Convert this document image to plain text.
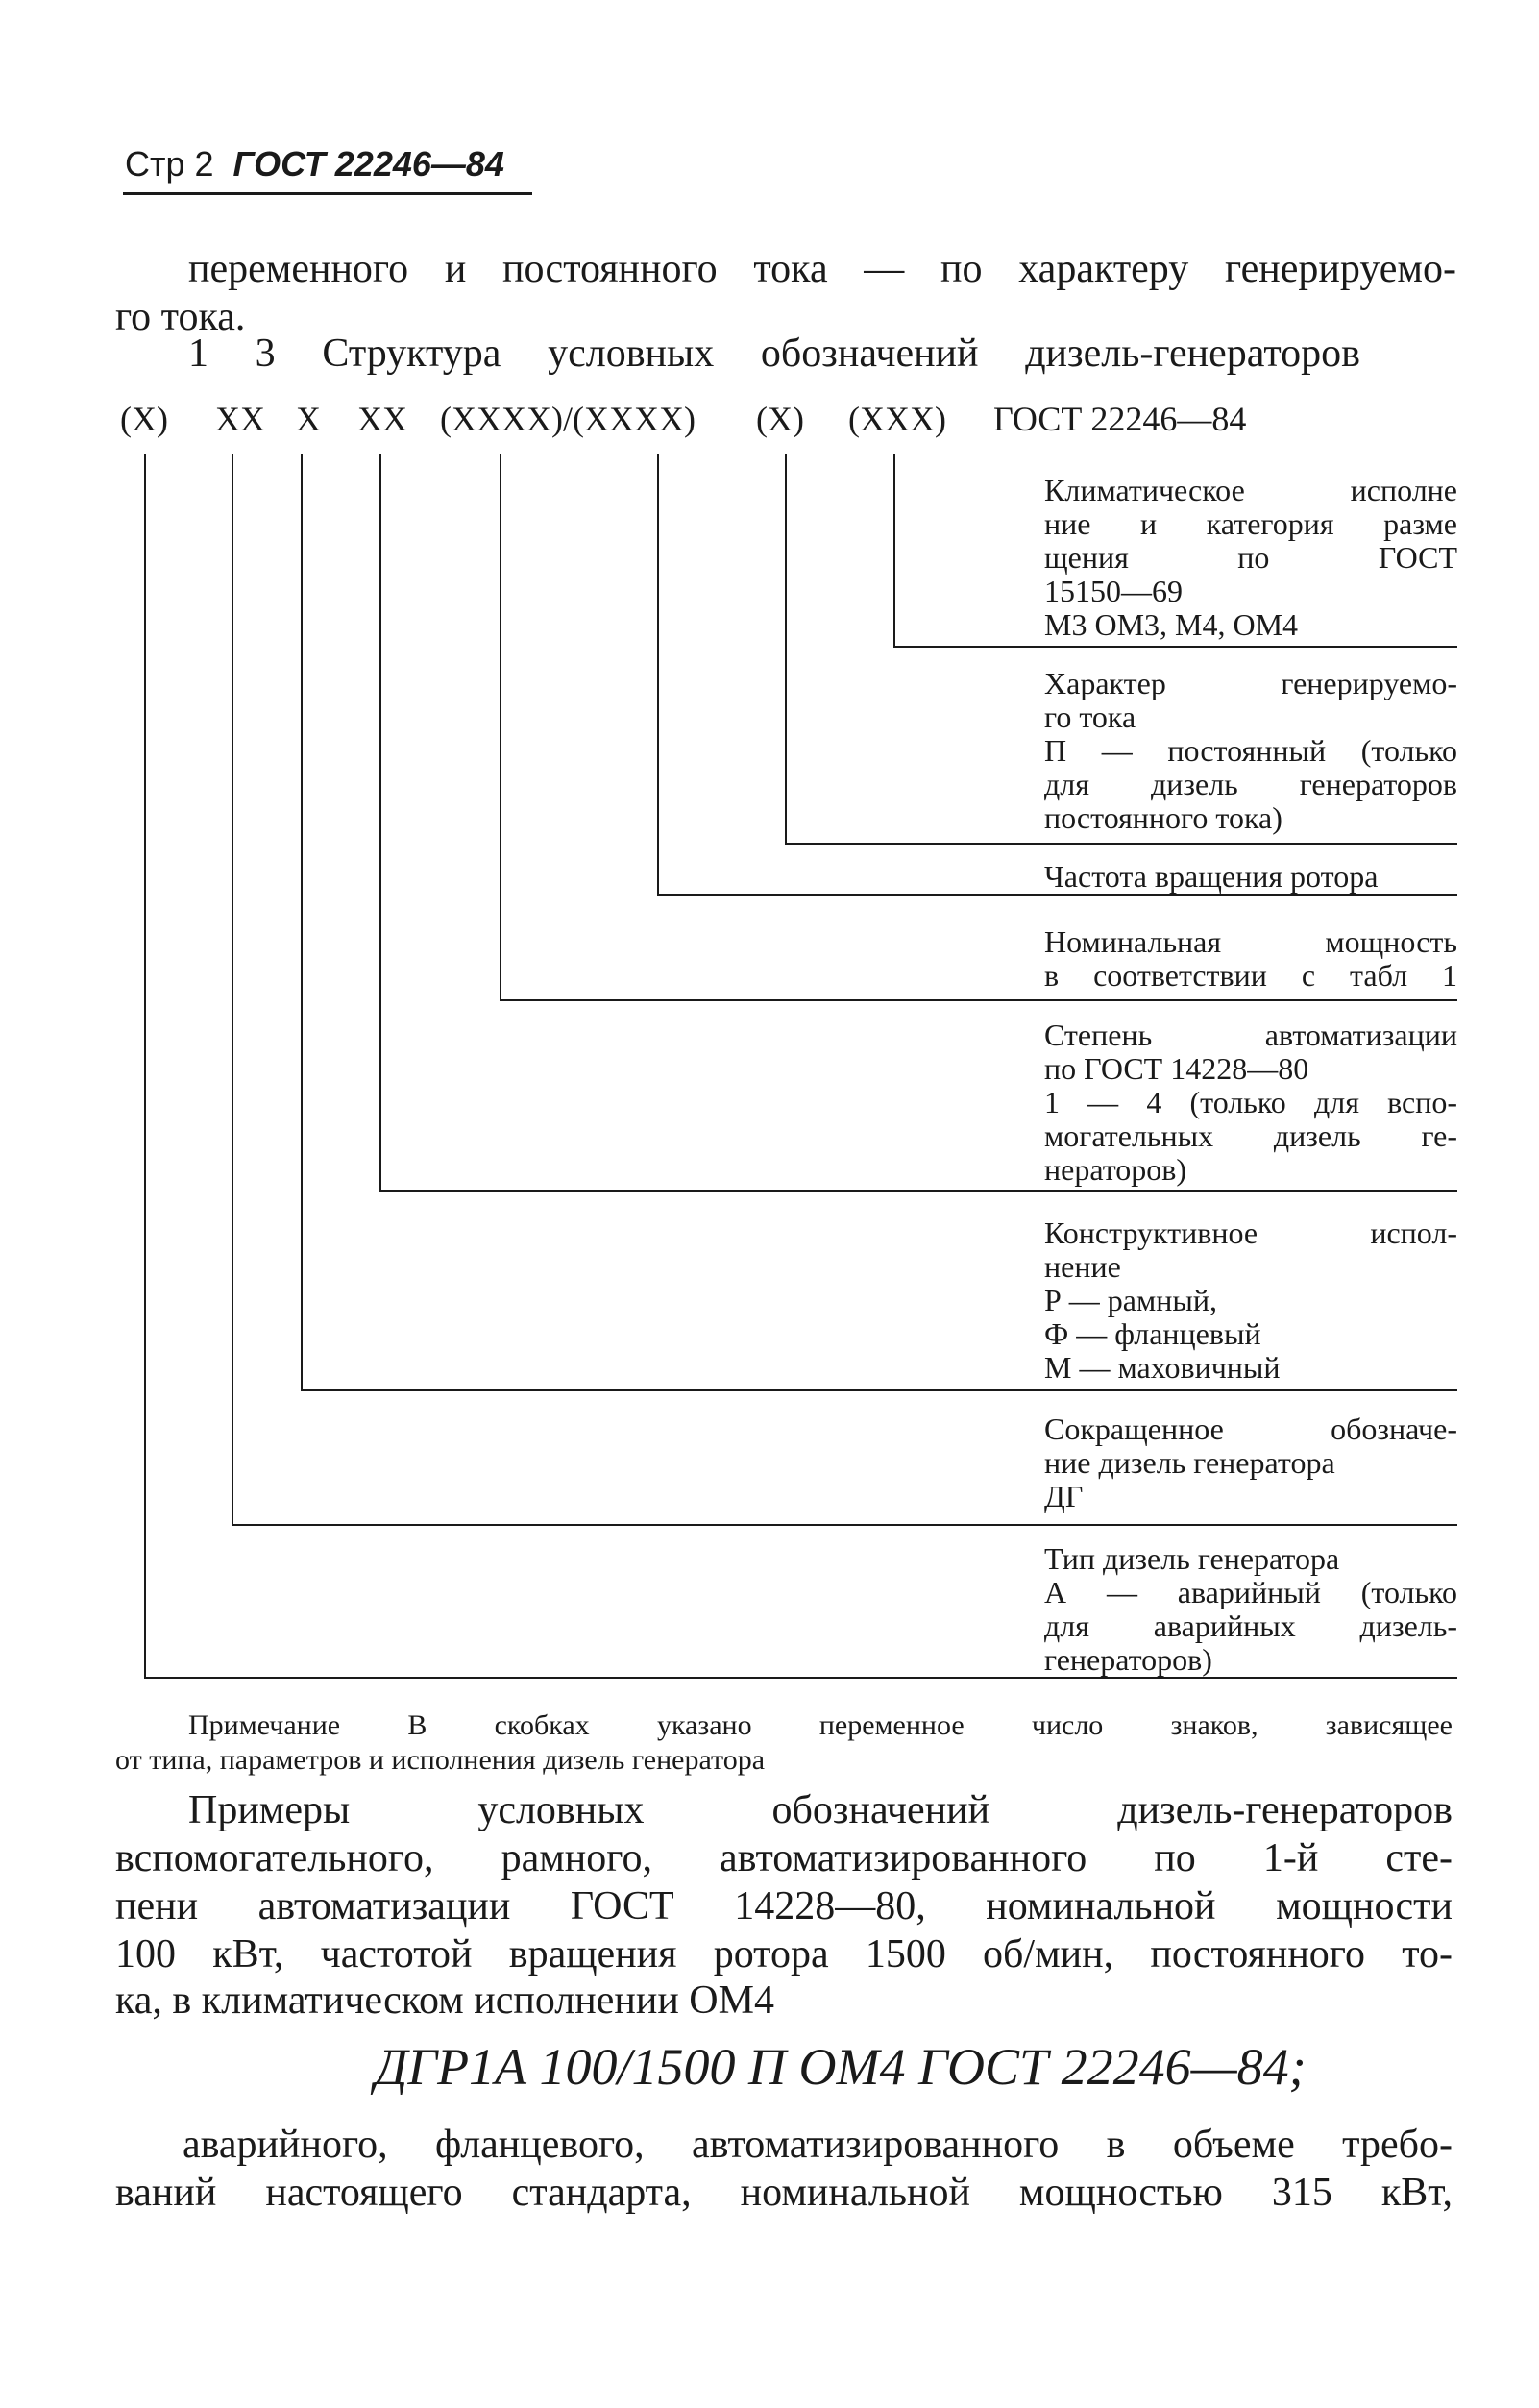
Стр 2 ГОСТ 22246—84
переменного и постоянного тока — по характеру генерируемо-
го тока.
1 3 Структура условных обозначений дизель-генераторов
(Х) ХХ Х ХХ (ХХХХ)/(ХХХХ) (Х) (ХХХ) ГОСТ 22246—84
Климатическое исполне
ние и категория разме
щения по ГОСТ
15150—69
М3 ОМ3, М4, ОМ4
Характер генерируемо-
го тока
П — постоянный (только
для дизель генераторов
постоянного тока)
Частота вращения ротора
Номинальная мощность
в соответствии с табл 1
Степень автоматизации
по ГОСТ 14228—80
1 — 4 (только для вспо-
могательных дизель ге-
нераторов)
Конструктивное испол-
нение
Р — рамный,
Ф — фланцевый
М — маховичный
Сокращенное обозначе-
ние дизель генератора
ДГ
Тип дизель генератора
А — аварийный (только
для аварийных дизель-
генераторов)
Примечание В скобках указано переменное число знаков, зависящее
от типа, параметров и исполнения дизель генератора
Примеры условных обозначений дизель-генераторов
вспомогательного, рамного, автоматизированного по 1-й сте-
пени автоматизации ГОСТ 14228—80, номинальной мощности
100 кВт, частотой вращения ротора 1500 об/мин, постоянного то-
ка, в климатическом исполнении ОМ4
ДГР1А 100/1500 П ОМ4 ГОСТ 22246—84;
аварийного, фланцевого, автоматизированного в объеме требо-
ваний настоящего стандарта, номинальной мощностью 315 кВт,
